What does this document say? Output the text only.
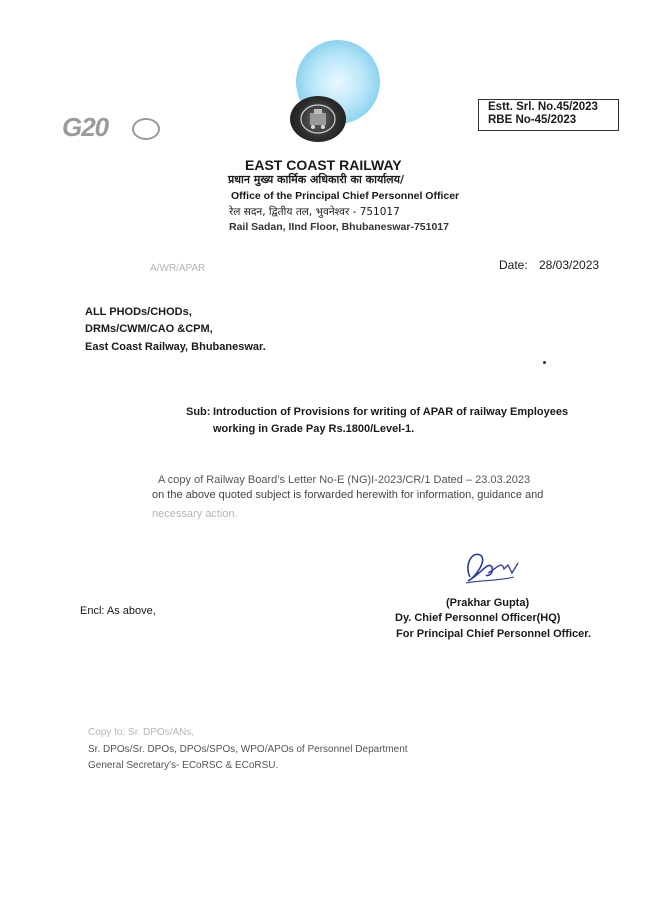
G20
Estt. Srl. No.45/2023
RBE No-45/2023
EAST COAST RAILWAY
प्रधान मुख्य कार्मिक अधिकारी का कार्यालय/
Office of the Principal Chief Personnel Officer
रेल सदन, द्वितीय तल, भुवनेश्वर - 751017
Rail Sadan, IInd Floor, Bhubaneswar-751017
A/WR/APAR	Date: 28/03/2023
ALL PHODs/CHODs,
DRMs/CWM/CAO &CPM,
East Coast Railway, Bhubaneswar.
Sub: Introduction of Provisions for writing of APAR of railway Employees
working in Grade Pay Rs.1800/Level-1.
A copy of Railway Board’s Letter No-E (NG)I-2023/CR/1 Dated – 23.03.2023
on the above quoted subject is forwarded herewith for information, guidance and
necessary action.
(Prakhar Gupta)
Dy. Chief Personnel Officer(HQ)
For Principal Chief Personnel Officer.
Encl: As above,
Copy to: Sr. DPOs/ANs,
Sr. DPOs/Sr. DPOs, DPOs/SPOs, WPO/APOs of Personnel Department
General Secretary's- ECoRSC & ECoRSU.
